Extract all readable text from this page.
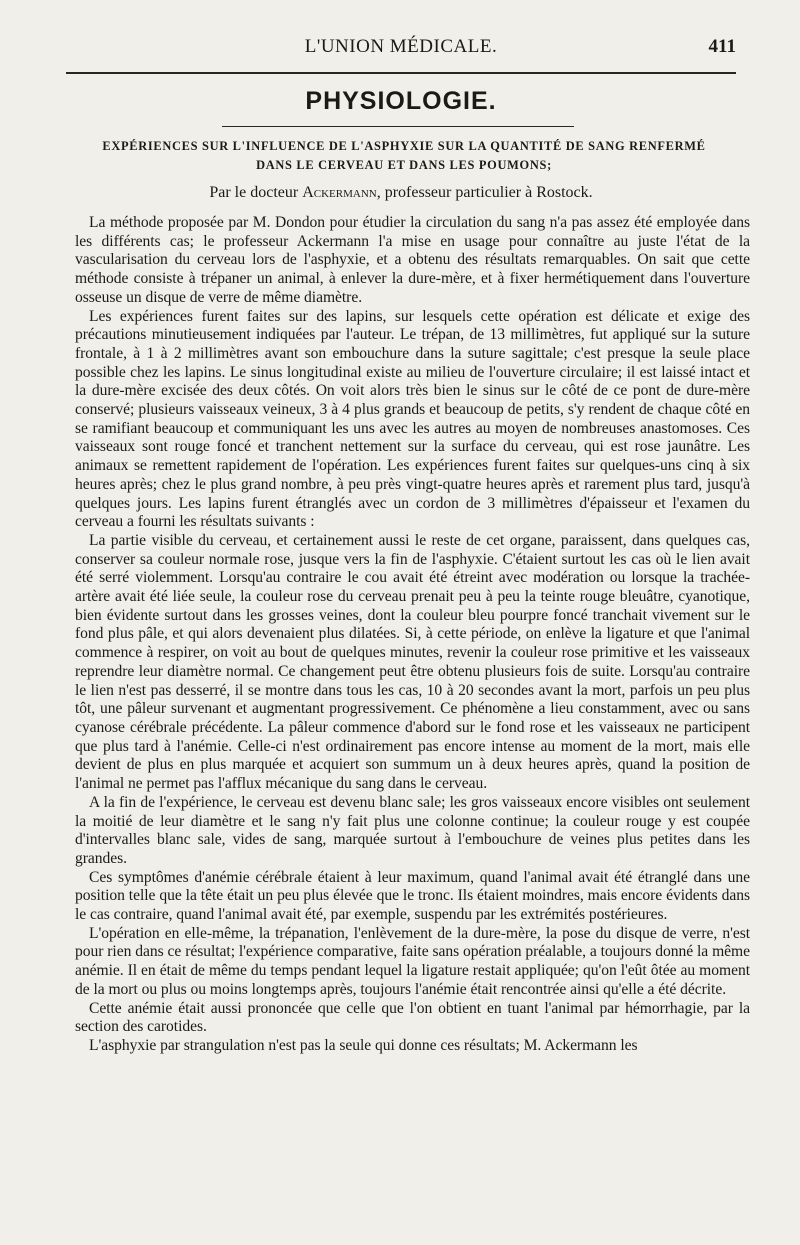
L'UNION MÉDICALE.	411
PHYSIOLOGIE.
EXPÉRIENCES SUR L'INFLUENCE DE L'ASPHYXIE SUR LA QUANTITÉ DE SANG RENFERMÉ
DANS LE CERVEAU ET DANS LES POUMONS;
Par le docteur Ackermann, professeur particulier à Rostock.

La méthode proposée par M. Dondon pour étudier la circulation du sang n'a pas assez été employée dans les différents cas; le professeur Ackermann l'a mise en usage pour connaître au juste l'état de la vascularisation du cerveau lors de l'asphyxie, et a obtenu des résultats remarquables. On sait que cette méthode consiste à trépaner un animal, à enlever la dure-mère, et à fixer hermétiquement dans l'ouverture osseuse un disque de verre de même diamètre.

Les expériences furent faites sur des lapins, sur lesquels cette opération est délicate et exige des précautions minutieusement indiquées par l'auteur. Le trépan, de 13 millimètres, fut appliqué sur la suture frontale, à 1 à 2 millimètres avant son embouchure dans la suture sagittale; c'est presque la seule place possible chez les lapins. Le sinus longitudinal existe au milieu de l'ouverture circulaire; il est laissé intact et la dure-mère excisée des deux côtés. On voit alors très bien le sinus sur le côté de ce pont de dure-mère conservé; plusieurs vaisseaux veineux, 3 à 4 plus grands et beaucoup de petits, s'y rendent de chaque côté en se ramifiant beaucoup et communiquant les uns avec les autres au moyen de nombreuses anastomoses. Ces vaisseaux sont rouge foncé et tranchent nettement sur la surface du cerveau, qui est rose jaunâtre. Les animaux se remettent rapidement de l'opération. Les expériences furent faites sur quelques-uns cinq à six heures après; chez le plus grand nombre, à peu près vingt-quatre heures après et rarement plus tard, jusqu'à quelques jours. Les lapins furent étranglés avec un cordon de 3 millimètres d'épaisseur et l'examen du cerveau a fourni les résultats suivants :

La partie visible du cerveau, et certainement aussi le reste de cet organe, paraissent, dans quelques cas, conserver sa couleur normale rose, jusque vers la fin de l'asphyxie. C'étaient surtout les cas où le lien avait été serré violemment. Lorsqu'au contraire le cou avait été étreint avec modération ou lorsque la trachée-artère avait été liée seule, la couleur rose du cerveau prenait peu à peu la teinte rouge bleuâtre, cyanotique, bien évidente surtout dans les grosses veines, dont la couleur bleu pourpre foncé tranchait vivement sur le fond plus pâle, et qui alors devenaient plus dilatées. Si, à cette période, on enlève la ligature et que l'animal commence à respirer, on voit au bout de quelques minutes, revenir la couleur rose primitive et les vaisseaux reprendre leur diamètre normal. Ce changement peut être obtenu plusieurs fois de suite. Lorsqu'au contraire le lien n'est pas desserré, il se montre dans tous les cas, 10 à 20 secondes avant la mort, parfois un peu plus tôt, une pâleur survenant et augmentant progressivement. Ce phénomène a lieu constamment, avec ou sans cyanose cérébrale précédente. La pâleur commence d'abord sur le fond rose et les vaisseaux ne participent que plus tard à l'anémie. Celle-ci n'est ordinairement pas encore intense au moment de la mort, mais elle devient de plus en plus marquée et acquiert son summum un à deux heures après, quand la position de l'animal ne permet pas l'afflux mécanique du sang dans le cerveau.

A la fin de l'expérience, le cerveau est devenu blanc sale; les gros vaisseaux encore visibles ont seulement la moitié de leur diamètre et le sang n'y fait plus une colonne continue; la couleur rouge y est coupée d'intervalles blanc sale, vides de sang, marquée surtout à l'embouchure de veines plus petites dans les grandes.

Ces symptômes d'anémie cérébrale étaient à leur maximum, quand l'animal avait été étranglé dans une position telle que la tête était un peu plus élevée que le tronc. Ils étaient moindres, mais encore évidents dans le cas contraire, quand l'animal avait été, par exemple, suspendu par les extrémités postérieures.

L'opération en elle-même, la trépanation, l'enlèvement de la dure-mère, la pose du disque de verre, n'est pour rien dans ce résultat; l'expérience comparative, faite sans opération préalable, a toujours donné la même anémie. Il en était de même du temps pendant lequel la ligature restait appliquée; qu'on l'eût ôtée au moment de la mort ou plus ou moins longtemps après, toujours l'anémie était rencontrée ainsi qu'elle a été décrite.

Cette anémie était aussi prononcée que celle que l'on obtient en tuant l'animal par hémorrhagie, par la section des carotides.

L'asphyxie par strangulation n'est pas la seule qui donne ces résultats; M. Ackermann les
